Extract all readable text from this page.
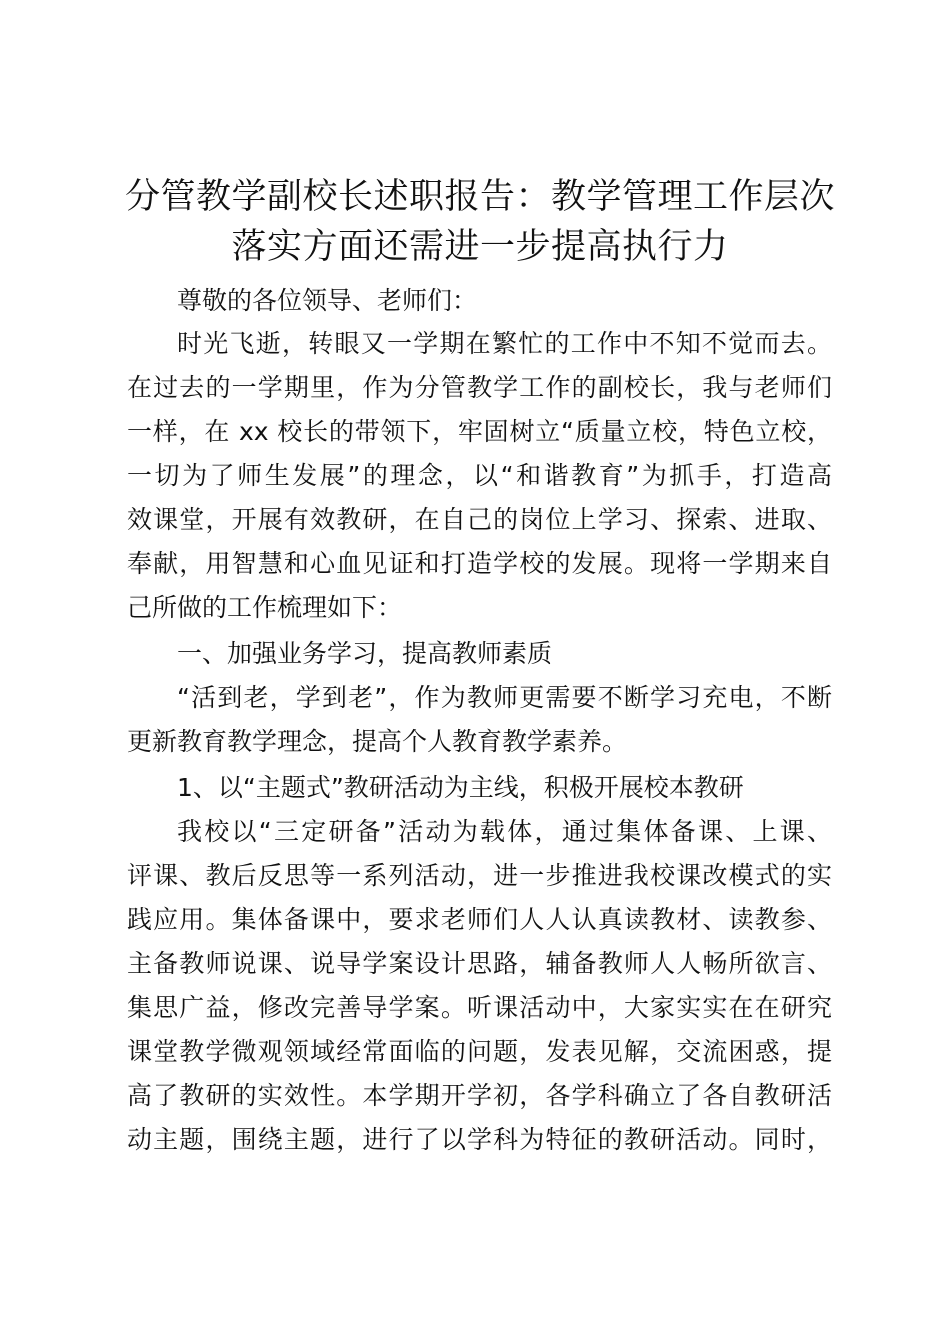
分管教学副校长述职报告：教学管理工作层次
落实方面还需进一步提高执行力

尊敬的各位领导、老师们：

时光飞逝，转眼又一学期在繁忙的工作中不知不觉而去。

在过去的一学期里，作为分管教学工作的副校长，我与老师们

一样，在 xx 校长的带领下，牢固树立“质量立校，特色立校，

一切为了师生发展”的理念，以“和谐教育”为抓手，打造高

效课堂，开展有效教研，在自己的岗位上学习、探索、进取、

奉献，用智慧和心血见证和打造学校的发展。现将一学期来自

己所做的工作梳理如下：

一、加强业务学习，提高教师素质

“活到老，学到老”，作为教师更需要不断学习充电，不断

更新教育教学理念，提高个人教育教学素养。

1、以“主题式”教研活动为主线，积极开展校本教研

我校以“三定研备”活动为载体，通过集体备课、上课、

评课、教后反思等一系列活动，进一步推进我校课改模式的实

践应用。集体备课中，要求老师们人人认真读教材、读教参、

主备教师说课、说导学案设计思路，辅备教师人人畅所欲言、

集思广益，修改完善导学案。听课活动中，大家实实在在研究

课堂教学微观领域经常面临的问题，发表见解，交流困惑，提

高了教研的实效性。本学期开学初，各学科确立了各自教研活

动主题，围绕主题，进行了以学科为特征的教研活动。同时，
